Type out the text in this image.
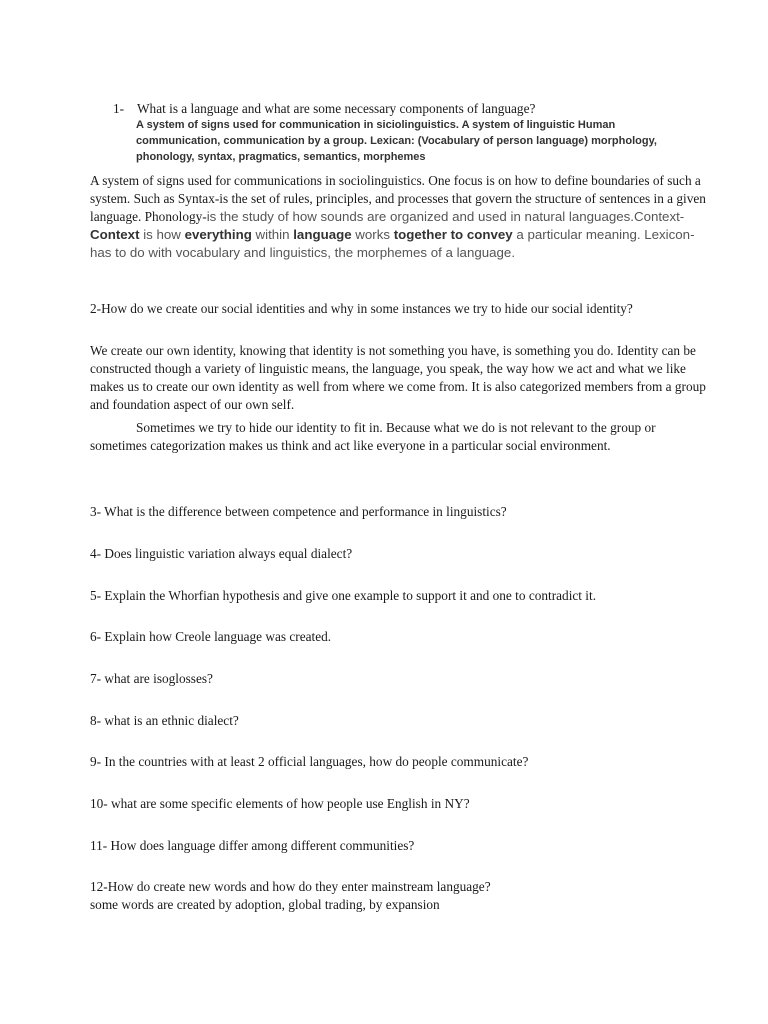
1- What is a language and what are some necessary components of language?
A system of signs used for communication in siciolinguistics. A system of linguistic Human communication, communication by a group. Lexican: (Vocabulary of person language) morphology, phonology, syntax, pragmatics, semantics, morphemes
A system of signs used for communications in sociolinguistics. One focus is on how to define boundaries of such a system. Such as Syntax-is the set of rules, principles, and processes that govern the structure of sentences in a given language. Phonology-is the study of how sounds are organized and used in natural languages.Context-Context is how everything within language works together to convey a particular meaning. Lexicon-has to do with vocabulary and linguistics, the morphemes of a language.
2-How do we create our social identities and why in some instances we try to hide our social identity?
We create our own identity, knowing that identity is not something you have, is something you do. Identity can be constructed though a variety of linguistic means, the language, you speak, the way how we act and what we like makes us to create our own identity as well from where we come from. It is also categorized members from a group and foundation aspect of our own self.
Sometimes we try to hide our identity to fit in. Because what we do is not relevant to the group or sometimes categorization makes us think and act like everyone in a particular social environment.
3- What is the difference between competence and performance in linguistics?
4- Does linguistic variation always equal dialect?
5- Explain the Whorfian hypothesis and give one example to support it and one to contradict it.
6- Explain how Creole language was created.
7- what are isoglosses?
8- what is an ethnic dialect?
9- In the countries with at least 2 official languages, how do people communicate?
10- what are some specific elements of how people use English in NY?
11- How does language differ among different communities?
12-How do create new words and how do they enter mainstream language?
some words are created by adoption, global trading, by expansion
